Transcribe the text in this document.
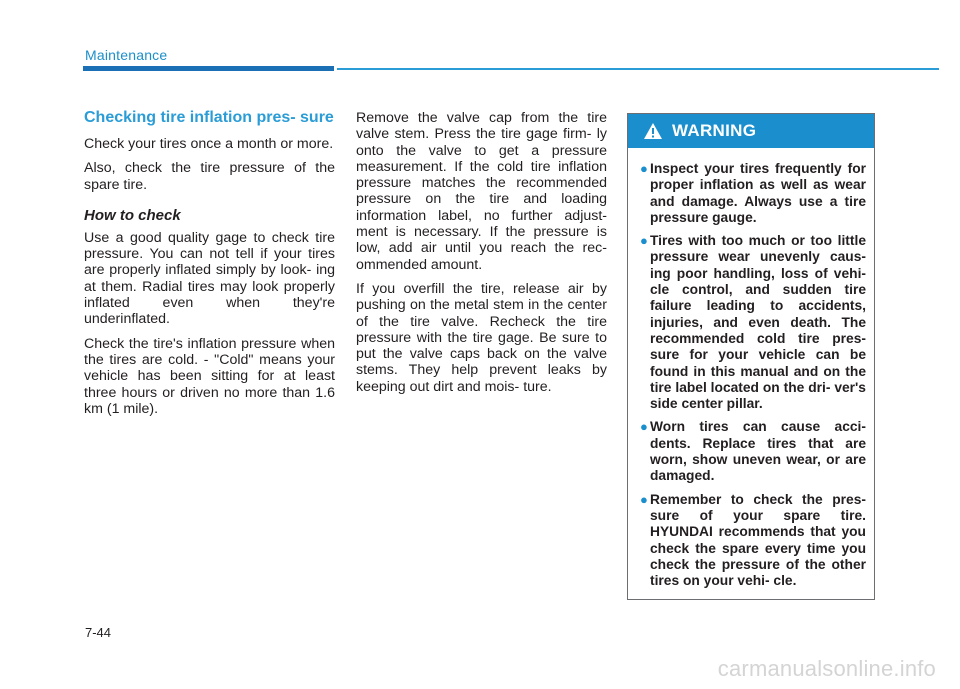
Maintenance
Checking tire inflation pres- sure

Check your tires once a month or more.

Also, check the tire pressure of the spare tire.

How to check

Use a good quality gage to check tire pressure. You can not tell if your tires are properly inflated simply by look- ing at them. Radial tires may look properly inflated even when they're underinflated.

Check the tire's inflation pressure when the tires are cold. - "Cold" means your vehicle has been sitting for at least three hours or driven no more than 1.6 km (1 mile).

Remove the valve cap from the tire valve stem. Press the tire gage firm- ly onto the valve to get a pressure measurement. If the cold tire inflation pressure matches the recommended pressure on the tire and loading information label, no further adjust- ment is necessary. If the pressure is low, add air until you reach the rec- ommended amount.

If you overfill the tire, release air by pushing on the metal stem in the center of the tire valve. Recheck the tire pressure with the tire gage. Be sure to put the valve caps back on the valve stems. They help prevent leaks by keeping out dirt and mois- ture.

WARNING
● Inspect your tires frequently for proper inflation as well as wear and damage. Always use a tire pressure gauge.
● Tires with too much or too little pressure wear unevenly caus- ing poor handling, loss of vehi- cle control, and sudden tire failure leading to accidents, injuries, and even death. The recommended cold tire pres- sure for your vehicle can be found in this manual and on the tire label located on the dri- ver's side center pillar.
● Worn tires can cause acci- dents. Replace tires that are worn, show uneven wear, or are damaged.
● Remember to check the pres- sure of your spare tire. HYUNDAI recommends that you check the spare every time you check the pressure of the other tires on your vehi- cle.
7-44
carmanualsonline.info
